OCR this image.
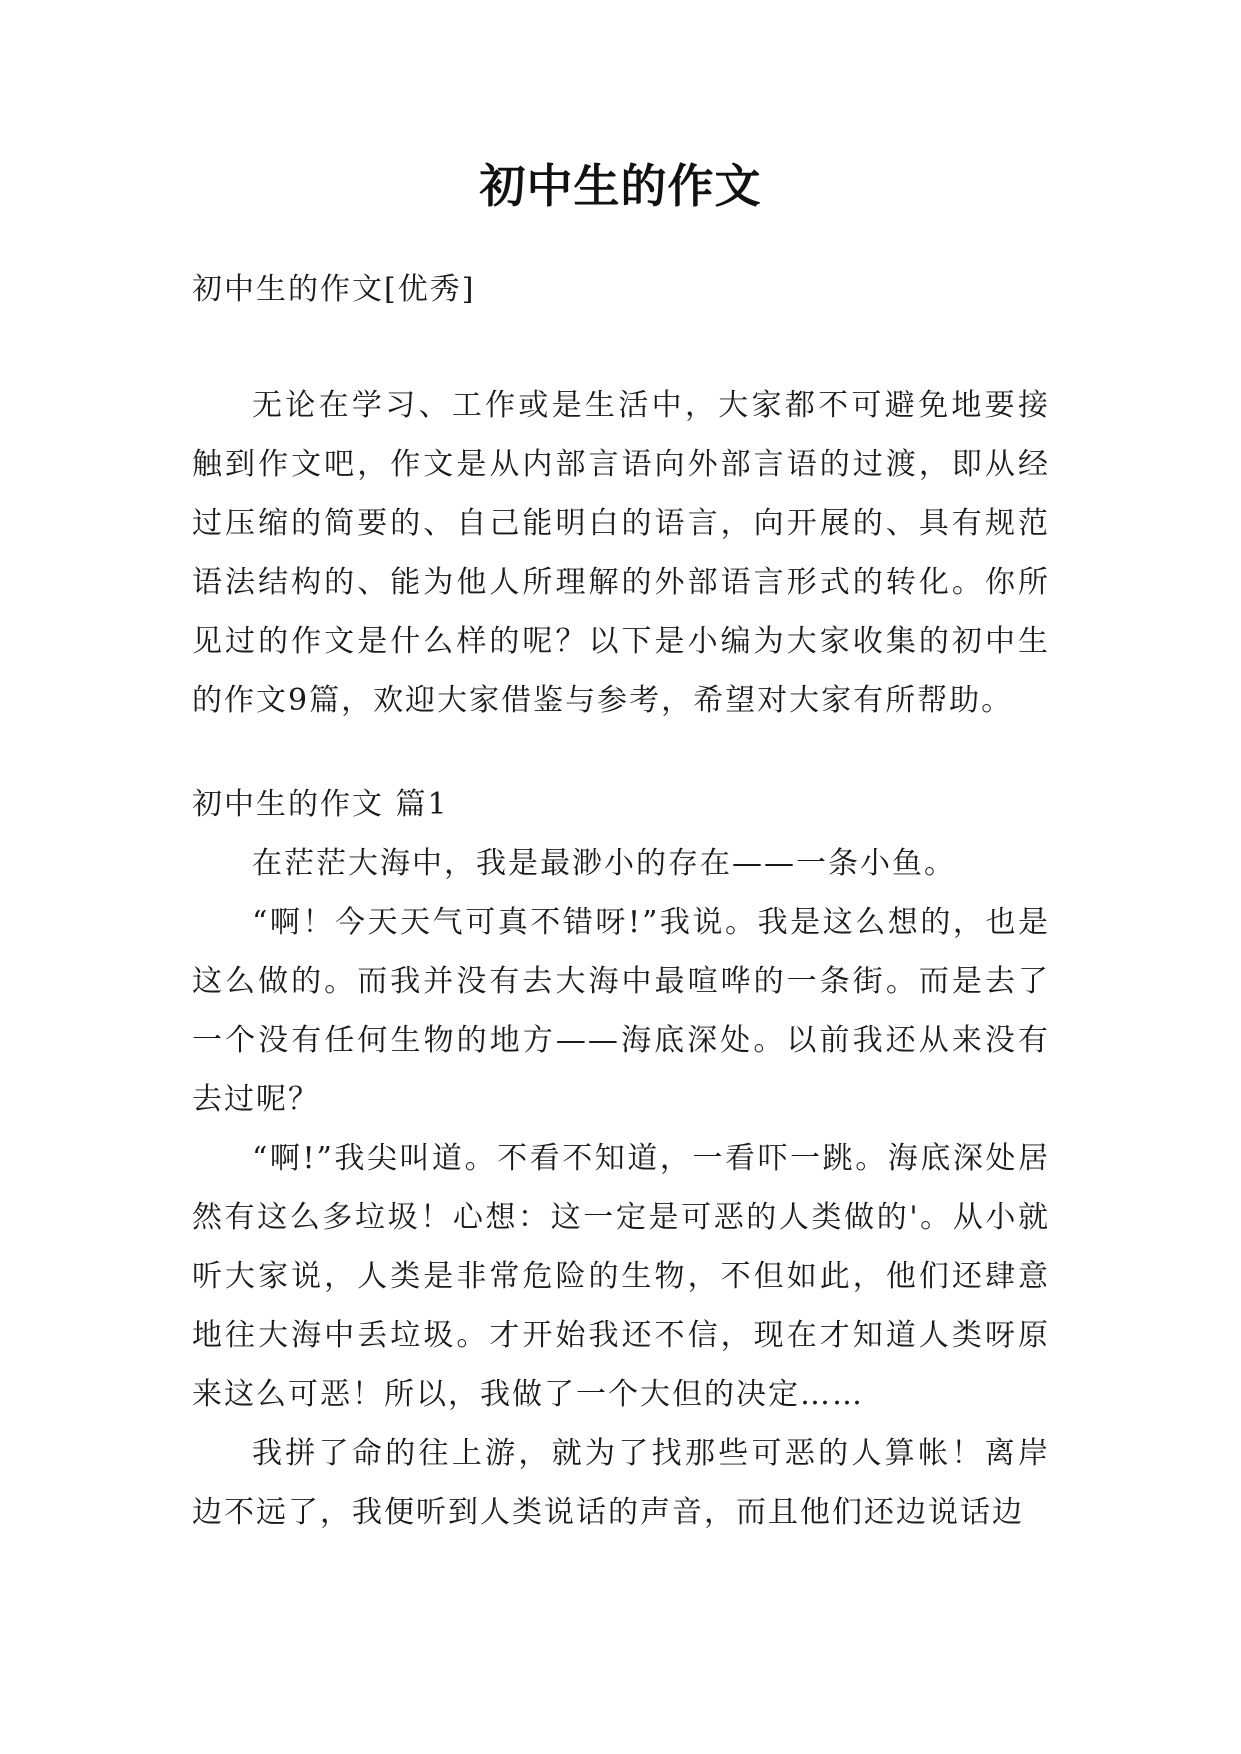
初中生的作文

初中生的作文[优秀]

无论在学习、工作或是生活中，大家都不可避免地要接触到作文吧，作文是从内部言语向外部言语的过渡，即从经过压缩的简要的、自己能明白的语言，向开展的、具有规范语法结构的、能为他人所理解的外部语言形式的转化。你所见过的作文是什么样的呢？以下是小编为大家收集的初中生的作文9篇，欢迎大家借鉴与参考，希望对大家有所帮助。

初中生的作文 篇1

在茫茫大海中，我是最渺小的存在——一条小鱼。

“啊！今天天气可真不错呀!”我说。我是这么想的，也是这么做的。而我并没有去大海中最喧哗的一条街。而是去了一个没有任何生物的地方——海底深处。以前我还从来没有去过呢？

“啊!”我尖叫道。不看不知道，一看吓一跳。海底深处居然有这么多垃圾！心想：这一定是可恶的人类做的'。从小就听大家说，人类是非常危险的生物，不但如此，他们还肆意地往大海中丢垃圾。才开始我还不信，现在才知道人类呀原来这么可恶！所以，我做了一个大但的决定……

我拼了命的往上游，就为了找那些可恶的人算帐！离岸边不远了，我便听到人类说话的声音，而且他们还边说话边
